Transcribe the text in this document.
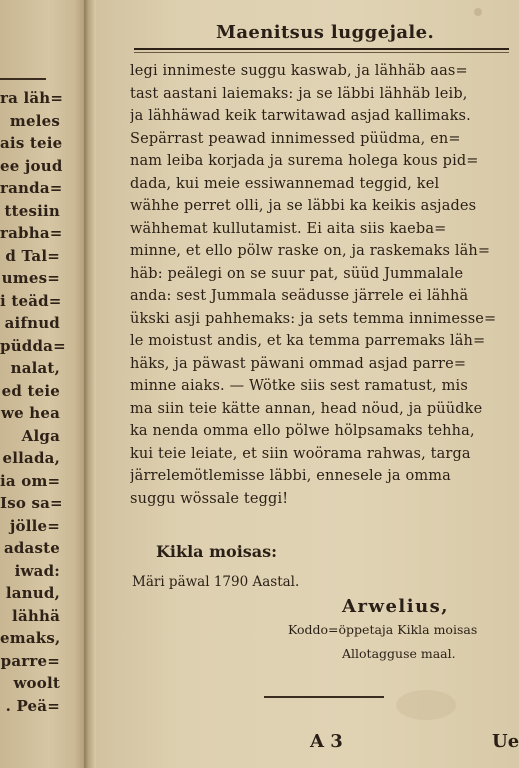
ra läh=
meles
ais teie
ee joud
randa=
ttesiin
rabha=
d Tal=
umes=
i teäd=
aifnud
püdda=
nalat,
ed teie
we hea
Alga
ellada,
ia om=
Iso sa=
jölle=
adaste
iwad:
lanud,
lähhä
emaks,
parre=
woolt
. Peä=
Maenitsus luggejale.
legi innimeste suggu kaswab, ja lähhäb aas=
tast aastani laiemaks: ja se läbbi lähhäb leib,
ja lähhäwad keik tarwitawad asjad kallimaks.
Sepärrast peawad innimessed püüdma, en=
nam leiba korjada ja surema holega kous pid=
dada, kui meie essiwannemad teggid, kel
wähhe perret olli, ja se läbbi ka keikis asjades
wähhemat kullutamist. Ei aita siis kaeba=
minne, et ello pölw raske on, ja raskemaks läh=
häb: peälegi on se suur pat, süüd Jummalale
anda: sest Jummala seädusse järrele ei lähhä
ükski asji pahhemaks: ja sets temma innimesse=
le moistust andis, et ka temma parremaks läh=
häks, ja päwast päwani ommad asjad parre=
minne aiaks. — Wötke siis sest ramatust, mis
ma siin teie kätte annan, head nöud, ja püüdke
ka nenda omma ello pölwe hölpsamaks tehha,
kui teie leiate, et siin woörama rahwas, targa
järrelemötlemisse läbbi, ennesele ja omma
suggu wössale teggi!
Kikla moisas:
Märi päwal 1790 Aastal.
Arwelius,
Koddo=öppetaja Kikla moisas
Allotagguse maal.
A 3	Ue
